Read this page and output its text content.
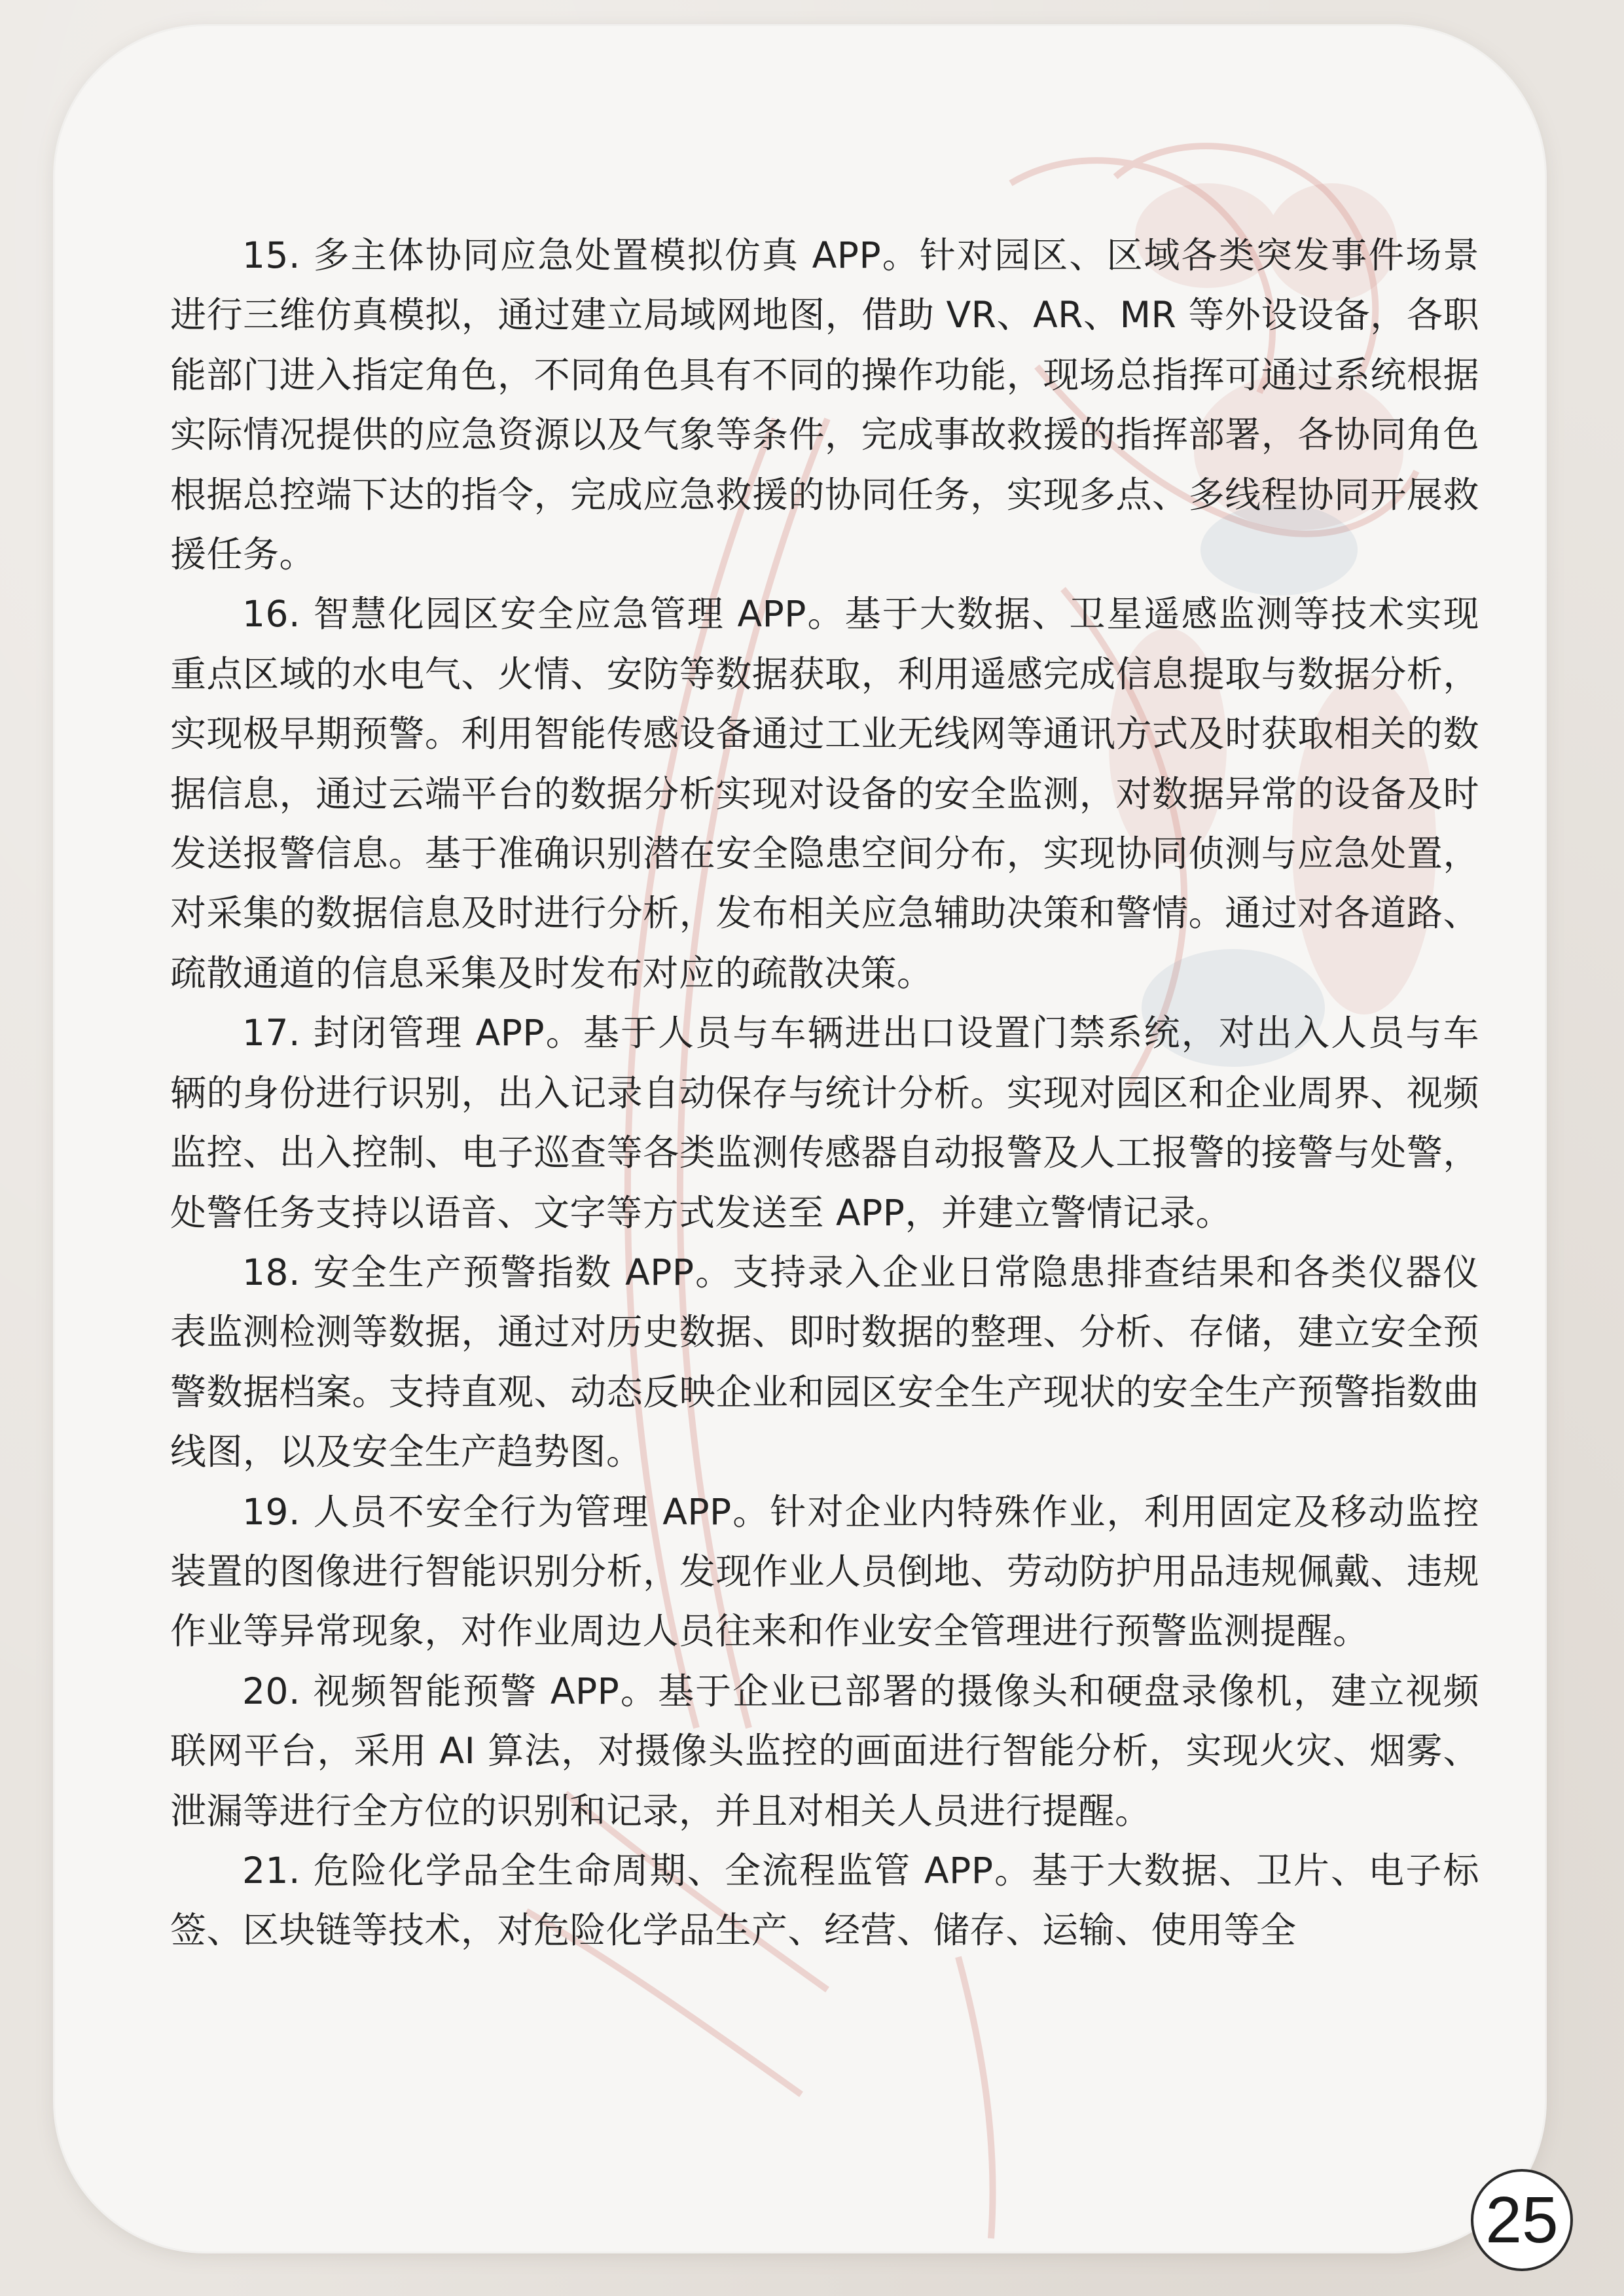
15. 多主体协同应急处置模拟仿真 APP。针对园区、区域各类突发事件场景进行三维仿真模拟，通过建立局域网地图，借助 VR、AR、MR 等外设设备，各职能部门进入指定角色，不同角色具有不同的操作功能，现场总指挥可通过系统根据实际情况提供的应急资源以及气象等条件，完成事故救援的指挥部署，各协同角色根据总控端下达的指令，完成应急救援的协同任务，实现多点、多线程协同开展救援任务。

16. 智慧化园区安全应急管理 APP。基于大数据、卫星遥感监测等技术实现重点区域的水电气、火情、安防等数据获取，利用遥感完成信息提取与数据分析，实现极早期预警。利用智能传感设备通过工业无线网等通讯方式及时获取相关的数据信息，通过云端平台的数据分析实现对设备的安全监测，对数据异常的设备及时发送报警信息。基于准确识别潜在安全隐患空间分布，实现协同侦测与应急处置，对采集的数据信息及时进行分析，发布相关应急辅助决策和警情。通过对各道路、疏散通道的信息采集及时发布对应的疏散决策。

17. 封闭管理 APP。基于人员与车辆进出口设置门禁系统，对出入人员与车辆的身份进行识别，出入记录自动保存与统计分析。实现对园区和企业周界、视频监控、出入控制、电子巡查等各类监测传感器自动报警及人工报警的接警与处警，处警任务支持以语音、文字等方式发送至 APP，并建立警情记录。

18. 安全生产预警指数 APP。支持录入企业日常隐患排查结果和各类仪器仪表监测检测等数据，通过对历史数据、即时数据的整理、分析、存储，建立安全预警数据档案。支持直观、动态反映企业和园区安全生产现状的安全生产预警指数曲线图，以及安全生产趋势图。

19. 人员不安全行为管理 APP。针对企业内特殊作业，利用固定及移动监控装置的图像进行智能识别分析，发现作业人员倒地、劳动防护用品违规佩戴、违规作业等异常现象，对作业周边人员往来和作业安全管理进行预警监测提醒。

20. 视频智能预警 APP。基于企业已部署的摄像头和硬盘录像机，建立视频联网平台，采用 AI 算法，对摄像头监控的画面进行智能分析，实现火灾、烟雾、泄漏等进行全方位的识别和记录，并且对相关人员进行提醒。

21. 危险化学品全生命周期、全流程监管 APP。基于大数据、卫片、电子标签、区块链等技术，对危险化学品生产、经营、储存、运输、使用等全

25
